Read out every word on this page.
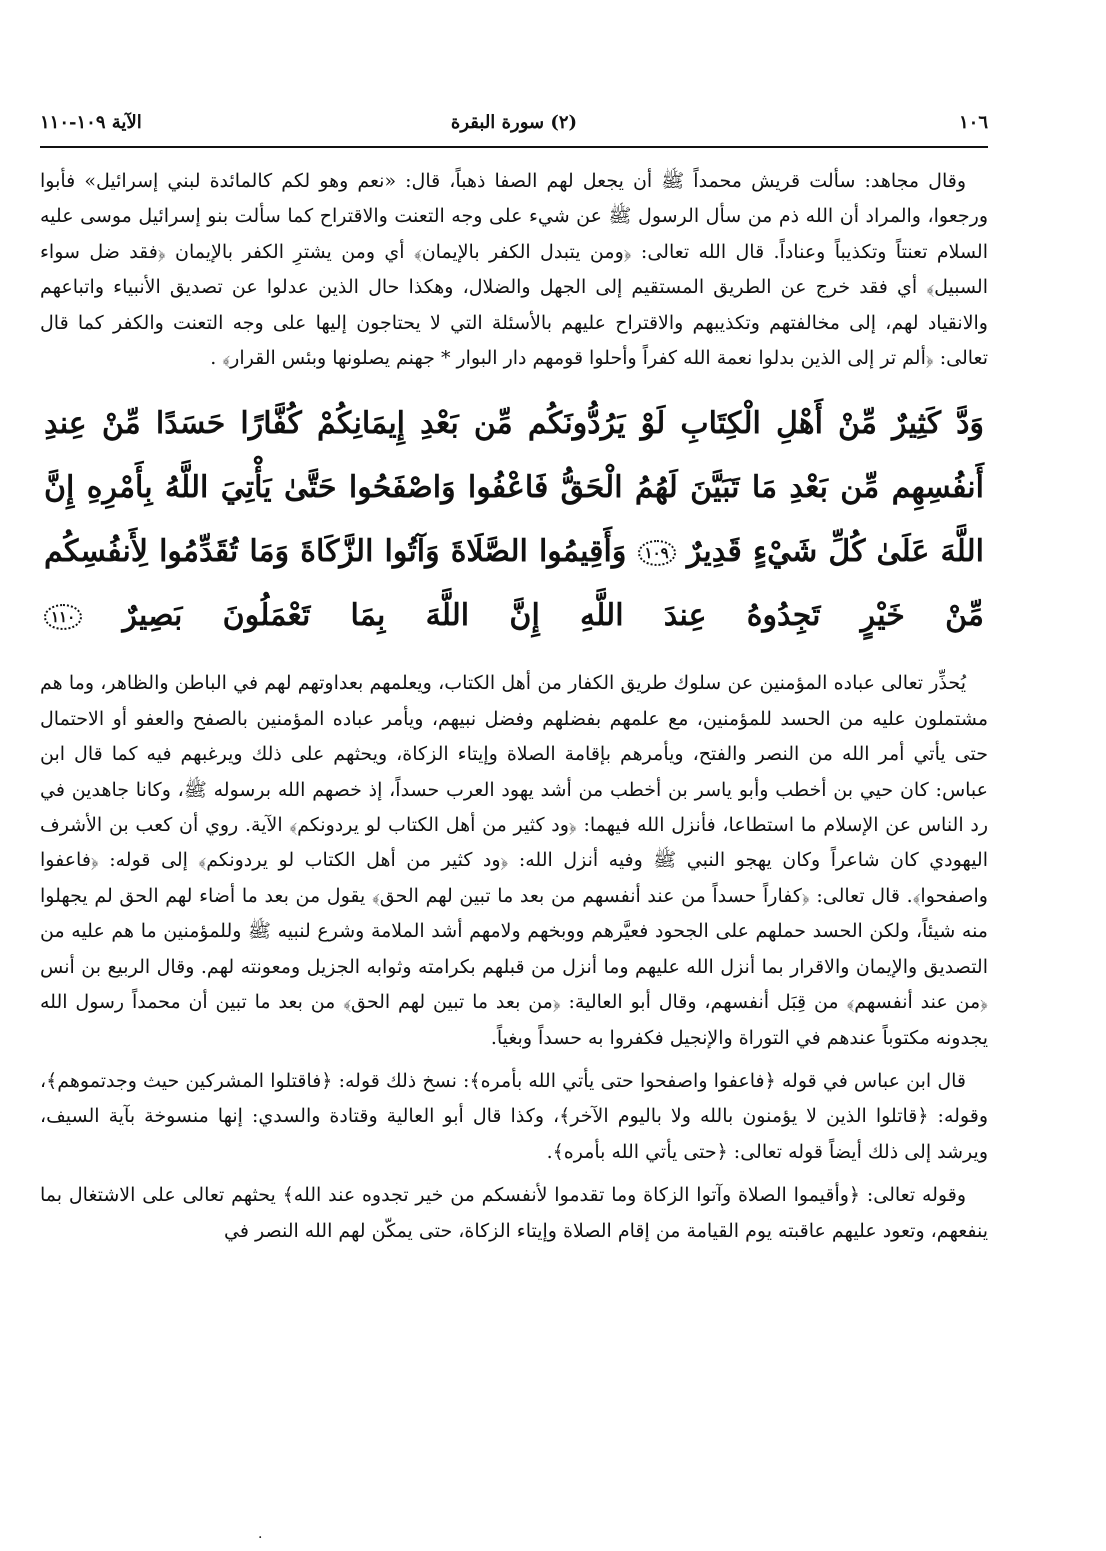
١٠٦
(٢) سورة البقرة
الآية ١٠٩-١١٠

وقال مجاهد: سألت قريش محمداً ﷺ أن يجعل لهم الصفا ذهباً، قال: «نعم وهو لكم كالمائدة لبني إسرائيل» فأبوا ورجعوا، والمراد أن الله ذم من سأل الرسول ﷺ عن شيء على وجه التعنت والاقتراح كما سألت بنو إسرائيل موسى عليه السلام تعنتاً وتكذيباً وعناداً. قال الله تعالى: ﴿ومن يتبدل الكفر بالإيمان﴾ أي ومن يشترِ الكفر بالإيمان ﴿فقد ضل سواء السبيل﴾ أي فقد خرج عن الطريق المستقيم إلى الجهل والضلال، وهكذا حال الذين عدلوا عن تصديق الأنبياء واتباعهم والانقياد لهم، إلى مخالفتهم وتكذيبهم والاقتراح عليهم بالأسئلة التي لا يحتاجون إليها على وجه التعنت والكفر كما قال تعالى: ﴿ألم تر إلى الذين بدلوا نعمة الله كفراً وأحلوا قومهم دار البوار * جهنم يصلونها وبئس القرار﴾ .

وَدَّ كَثِيرٌ مِّنْ أَهْلِ الْكِتَابِ لَوْ يَرُدُّونَكُم مِّن بَعْدِ إِيمَانِكُمْ كُفَّارًا حَسَدًا مِّنْ عِندِ أَنفُسِهِم مِّن بَعْدِ مَا تَبَيَّنَ لَهُمُ الْحَقُّ فَاعْفُوا وَاصْفَحُوا حَتَّىٰ يَأْتِيَ اللَّهُ بِأَمْرِهِ إِنَّ اللَّهَ عَلَىٰ كُلِّ شَيْءٍ قَدِيرٌ ١٠٩ وَأَقِيمُوا الصَّلَاةَ وَآتُوا الزَّكَاةَ وَمَا تُقَدِّمُوا لِأَنفُسِكُم مِّنْ خَيْرٍ تَجِدُوهُ عِندَ اللَّهِ إِنَّ اللَّهَ بِمَا تَعْمَلُونَ بَصِيرٌ ١١٠

يُحذِّر تعالى عباده المؤمنين عن سلوك طريق الكفار من أهل الكتاب، ويعلمهم بعداوتهم لهم في الباطن والظاهر، وما هم مشتملون عليه من الحسد للمؤمنين، مع علمهم بفضلهم وفضل نبيهم، ويأمر عباده المؤمنين بالصفح والعفو أو الاحتمال حتى يأتي أمر الله من النصر والفتح، ويأمرهم بإقامة الصلاة وإيتاء الزكاة، ويحثهم على ذلك ويرغبهم فيه كما قال ابن عباس: كان حيي بن أخطب وأبو ياسر بن أخطب من أشد يهود العرب حسداً، إذ خصهم الله برسوله ﷺ، وكانا جاهدين في رد الناس عن الإسلام ما استطاعا، فأنزل الله فيهما: ﴿ود كثير من أهل الكتاب لو يردونكم﴾ الآية. روي أن كعب بن الأشرف اليهودي كان شاعراً وكان يهجو النبي ﷺ وفيه أنزل الله: ﴿ود كثير من أهل الكتاب لو يردونكم﴾ إلى قوله: ﴿فاعفوا واصفحوا﴾. قال تعالى: ﴿كفاراً حسداً من عند أنفسهم من بعد ما تبين لهم الحق﴾ يقول من بعد ما أضاء لهم الحق لم يجهلوا منه شيئاً، ولكن الحسد حملهم على الجحود فعيَّرهم ووبخهم ولامهم أشد الملامة وشرع لنبيه ﷺ وللمؤمنين ما هم عليه من التصديق والإيمان والاقرار بما أنزل الله عليهم وما أنزل من قبلهم بكرامته وثوابه الجزيل ومعونته لهم. وقال الربيع بن أنس ﴿من عند أنفسهم﴾ من قِبَل أنفسهم، وقال أبو العالية: ﴿من بعد ما تبين لهم الحق﴾ من بعد ما تبين أن محمداً رسول الله يجدونه مكتوباً عندهم في التوراة والإنجيل فكفروا به حسداً وبغياً.

قال ابن عباس في قوله ﴿فاعفوا واصفحوا حتى يأتي الله بأمره﴾: نسخ ذلك قوله: ﴿فاقتلوا المشركين حيث وجدتموهم﴾، وقوله: ﴿قاتلوا الذين لا يؤمنون بالله ولا باليوم الآخر﴾، وكذا قال أبو العالية وقتادة والسدي: إنها منسوخة بآية السيف، ويرشد إلى ذلك أيضاً قوله تعالى: ﴿حتى يأتي الله بأمره﴾.

وقوله تعالى: ﴿وأقيموا الصلاة وآتوا الزكاة وما تقدموا لأنفسكم من خير تجدوه عند الله﴾ يحثهم تعالى على الاشتغال بما ينفعهم، وتعود عليهم عاقبته يوم القيامة من إقام الصلاة وإيتاء الزكاة، حتى يمكّن لهم الله النصر في

·
